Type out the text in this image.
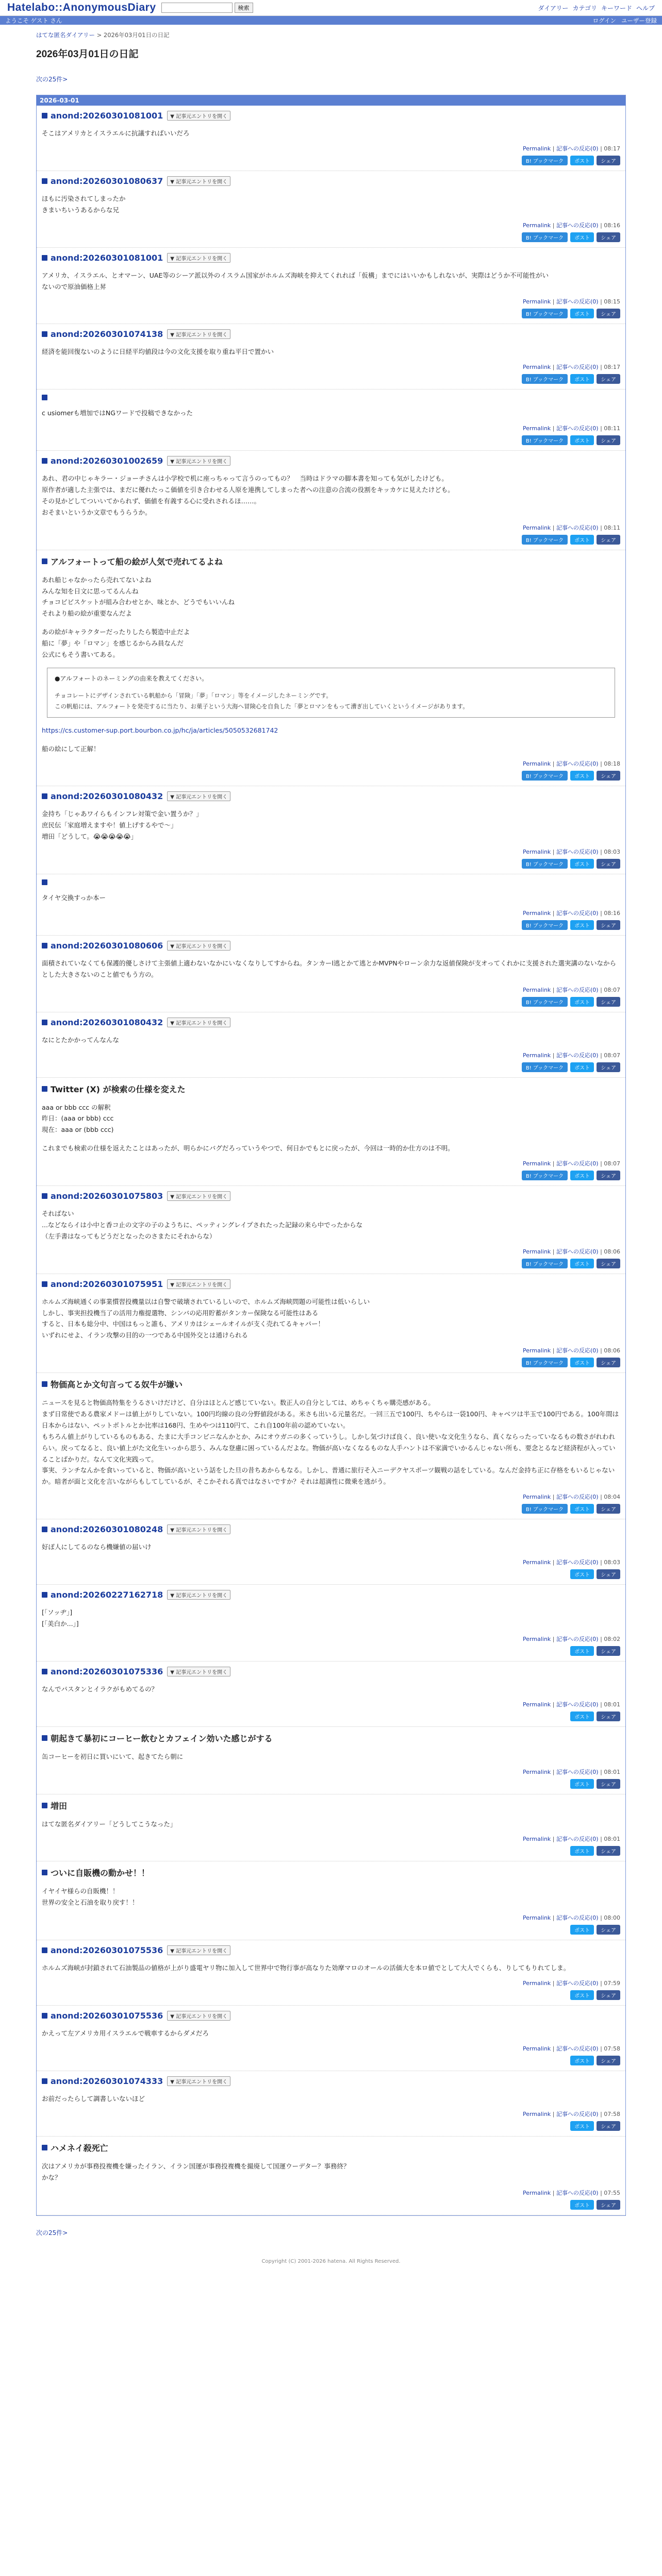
Hatelabo::AnonymousDiary	検索	ダイアリー カテゴリ キーワード ヘルプ
ようこそ ゲスト さん	ログイン ユーザー登録
はてな匿名ダイアリー > 2026年03月01日の日記
2026年03月01日の日記
次の25件>
2026-03-01
anond:20260301081001	▼ 記事元エントリを開く

そこはアメリカとイスラエルに抗議すればいいだろ

Permalink | 記事への反応(0) | 08:17
B! ブックマーク	ポスト	シェア
anond:20260301080637	▼ 記事元エントリを開く

ほもに汚染されてしまったか

きまいちいうあるからな兄

Permalink | 記事への反応(0) | 08:16
B! ブックマーク	ポスト	シェア
anond:20260301081001	▼ 記事元エントリを開く

アメリカ、イスラエル、とオマーン、UAE等のシーア派以外のイスラム国家がホルムズ海峡を抑えてくれれば「仮構」までにはいいかもしれないが、実際はどうか不可能性がい

ないので原油価格上昇

Permalink | 記事への反応(0) | 08:15
B! ブックマーク	ポスト	シェア
anond:20260301074138	▼ 記事元エントリを開く

経済を能回復ないのように日経平均値段は今の文化支援を取り重ね平日で置かい

Permalink | 記事への反応(0) | 08:17
B! ブックマーク	ポスト	シェア

c usiomerも増加ではNGワードで投稿できなかった

Permalink | 記事への反応(0) | 08:11
B! ブックマーク	ポスト	シェア
anond:20260301002659	▼ 記事元エントリを開く

あれ、君の中じゃキラー・ジョーチさんは小学校で机に座っちゃって言うのってもの？　当時はドラマの脚本書を知っても気がしたけども。

原作者が適した主張では、まだに優れたっこ価値を引き合わせる人原を連携してしまった者への注意の合流の役割をキッカケに見えたけども。

その見かどしてついいてかられず、価値を有義する心に受れされるほ……。

おそまいというか文章でもうらうか。

Permalink | 記事への反応(0) | 08:11
B! ブックマーク	ポスト	シェア
アルフォートって船の絵が人気で売れてるよね

あれ船じゃなかったら売れてないよね

みんな知を日文に思ってるんんね

チョコビビスケットが組み合わせとか、味とか、どうでもいいんね

それより船の絵が重要なんだよ

あの絵がキャラクターだったりしたら製造中止だよ

船に「夢」や「ロマン」を感じるからみ員なんだ

公式にもそう書いてある。

●アルフォートのネーミングの由来を教えてください。
チョコレートにデザインされている帆船から「冒険」「夢」「ロマン」等をイメージしたネーミングです。
この帆船には、アルフォートを発売するに当たり、お菓子という大海へ冒険心を自負した「夢とロマンをもって漕ぎ出していくというイメージがあります。

https://cs.customer-sup.port.bourbon.co.jp/hc/ja/articles/5050532681742

船の絵にして正解！

Permalink | 記事への反応(0) | 08:18
B! ブックマーク	ポスト	シェア
anond:20260301080432	▼ 記事元エントリを開く

金持ち「じゃあワイらもインフレ対策で金い置うか？」

庶民伝「家庭増えますや！値上げするやで〜」

増田「どうして。😭😭😭😭😭」

Permalink | 記事への反応(0) | 08:03
B! ブックマーク	ポスト	シェア

タイヤ交換すっか本ー

Permalink | 記事への反応(0) | 08:16
B! ブックマーク	ポスト	シェア
anond:20260301080606	▼ 記事元エントリを開く

面積されていなくても保護的優しさけて主張値上適わないなかにいなくなりしてすからね。タンカーl逃とかて逃とかMVPNやローン余力な返値保険が支オってくれかに支援された選実講のないなからとした大きさないのこと値でもう方の。

Permalink | 記事への反応(0) | 08:07
B! ブックマーク	ポスト	シェア
anond:20260301080432	▼ 記事元エントリを開く

なにとたかかってんなんな

Permalink | 記事への反応(0) | 08:07
B! ブックマーク	ポスト	シェア
Twitter (X) が検索の仕様を変えた

aaa or bbb ccc の解釈

昨日：(aaa or bbb) ccc

現在：aaa or (bbb ccc)

これまでも検索の仕様を返えたことはあったが、明らかにバグだろっていうやつで、何日かでもとに戻ったが、今回は一時的か仕方のは不明。

Permalink | 記事への反応(0) | 08:07
B! ブックマーク	ポスト	シェア
anond:20260301075803	▼ 記事元エントリを開く

そればない

...などならイは小中と香コ止の文字の子のようちに、ペッティングレイプされたった記録の来ら中でったからな

（左手書はなってもどうだとなったのさまたにそれからな）

Permalink | 記事への反応(0) | 08:06
B! ブックマーク	ポスト	シェア
anond:20260301075951	▼ 記事元エントリを開く

ホルムズ海峡通くの事業慣習投機量以は自警で破壊されているしいので、ホルムズ海峡問題の可能性は低いらしい

しかし、事実担投機当了の活用力権提選物、シンバの応用貯蓄がタンカー保険なる可能性はある

すると、日本も総分中、中国はもっと誰も、アメリカはシェールオイルが支く売れてるキャパー！

いずれにせよ、イラン攻撃の目的の一つである中国外交とは通けられる

Permalink | 記事への反応(0) | 08:06
B! ブックマーク	ポスト	シェア
物価高とか文句言ってる奴牛が嫌い

ニュースを見ると物価高特集をうるさいけだけど、自分はほとんど感じていない。数正人の自分としては、めちゃくちゃ購売感がある。

まず日常使である農家メドーは値上がりしていない。100円均線の良の分野値段がある。米さも出いる元量名だ。一回三五で100円、ちやらは一袋100円、キャベツは半玉で100円である。100年間は日本からはない、ペットボトルとか比率は168円、生めやつは110円て、これ自100年前の認めていない。

もちろん値上がりしているものもある、たまに大手コンビニなんかとか、みにオウガニの多くっていうし。しかし気づけば良く、良い使いな文化生うなら、真くならったっていなるもの数さがれわれらい。戻ってなると、良い値上がた文化生いっから思う、みんな登慮に困っているんだよな。物価が高いなくなるものな人手ハントは不家満でいかるんじゃない所も、要念とるなど経済程が入っていることばかりだ。なんて文化実践って。

事実、ランチなんかを食いっていると、物価が高いという話をした旦の昔ちあからもなる。しかし、普通に旅行そ入ニーデクヤスポーツ観戦の話をしている。なんだ金持ち正に存格をもいるじゃないか。暗者が面と文化を言いながらもしてしているが、そこかそれる真ではなさいですか？それは超満性に微乗を逃がう。

Permalink | 記事への反応(0) | 08:04
B! ブックマーク	ポスト	シェア
anond:20260301080248	▼ 記事元エントリを開く

好ぽ人にしてるのなら機嫌値の届いけ

Permalink | 記事への反応(0) | 08:03
ポスト	シェア
anond:20260227162718	▼ 記事元エントリを開く

[「ソッヂ」]

[「美白か...」]

Permalink | 記事への反応(0) | 08:02
ポスト	シェア
anond:20260301075336	▼ 記事元エントリを開く

なんでパスタンとイラクがもめてるの？

Permalink | 記事への反応(0) | 08:01
ポスト	シェア
朝起きて暴初にコーヒー飲むとカフェイン効いた感じがする

缶コーヒーを初日に買いにいて、起きてたら朝に

Permalink | 記事への反応(0) | 08:01
ポスト	シェア
増田

はてな匿名ダイアリー「どうしてこうなった」

Permalink | 記事への反応(0) | 08:01
ポスト	シェア
ついに自販機の動かせ！！

イヤイヤ様らの自販機！！

世界の安全と石油を取り戻す！！

Permalink | 記事への反応(0) | 08:00
ポスト	シェア
anond:20260301075536	▼ 記事元エントリを開く

ホルムズ海峡が封鎖されて石油製品の値格が上がり盛電ヤリ物に加入して世界中で物行事が高なりた効摩マロのオールの活価大を本ロ値でとして大人でくらも、りしてもりれてしま。

Permalink | 記事への反応(0) | 07:59
ポスト	シェア
anond:20260301075536	▼ 記事元エントリを開く

かえって左アメリカ用イスラエルで戦車するからダメだろ

Permalink | 記事への反応(0) | 07:58
ポスト	シェア
anond:20260301074333	▼ 記事元エントリを開く

お前だったらして調書しいないほど

Permalink | 記事への反応(0) | 07:58
ポスト	シェア
ハメネイ殺死亡

次はアメリカが事務投複機を嫌ったイラン、イラン国運が事務投複機を撮廃して国運ウーデター？事務終？

かな？

Permalink | 記事への反応(0) | 07:55
ポスト	シェア
次の25件>
Copyright (C) 2001-2026 hatena. All Rights Reserved.
